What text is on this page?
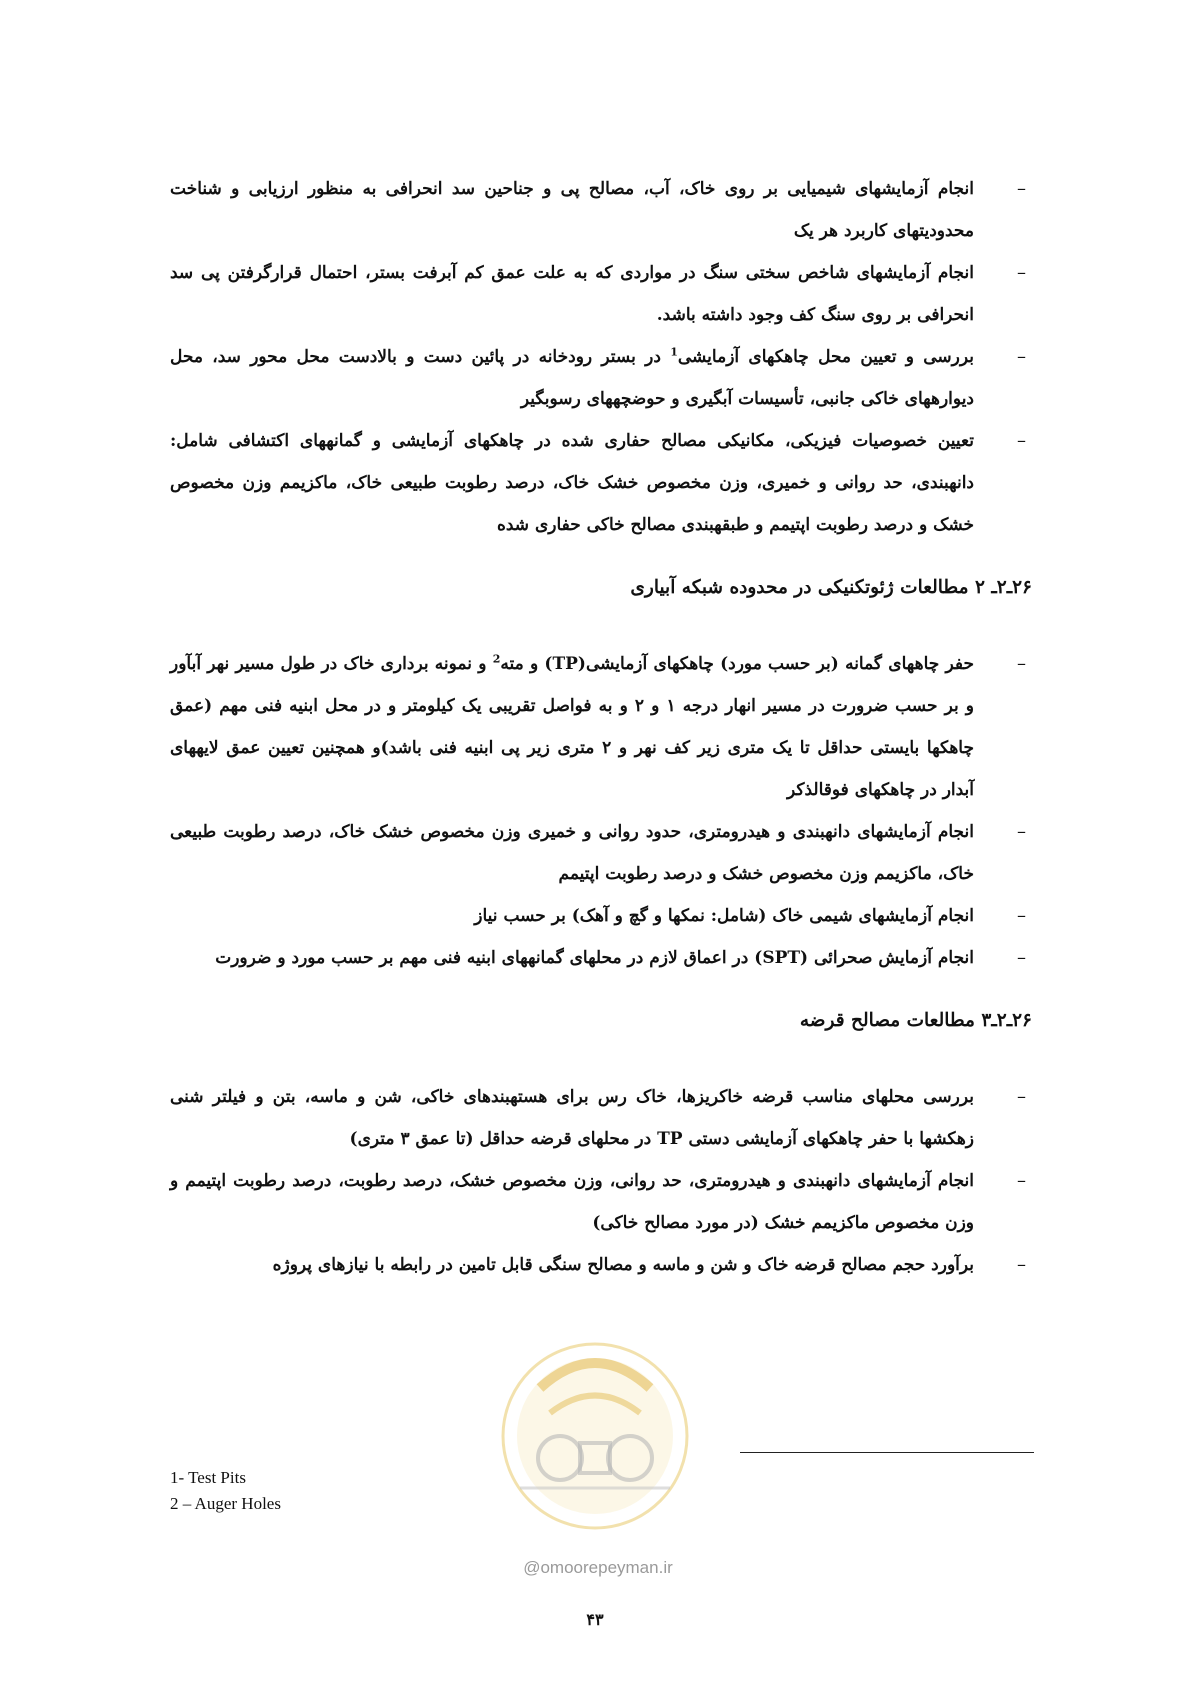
–
انجام آزمایشهای شیمیایی بر روی خاک، آب، مصالح پی و جناحین سد انحرافی به منظور ارزیابی و شناخت محدودیتهای کاربرد هر یک
–
انجام آزمایشهای شاخص سختی سنگ در مواردی که به علت عمق کم آبرفت بستر، احتمال قرارگرفتن پی سد انحرافی بر روی سنگ کف وجود داشته باشد.
–
بررسی و تعیین محل چاهکهای آزمایشی$^1$ در بستر رودخانه در پائین دست و بالادست محل محور سد، محل دیوارههای خاکی جانبی، تأسیسات آبگیری و حوضچههای رسوبگیر
–
تعیین خصوصیات فیزیکی، مکانیکی مصالح حفاری شده در چاهکهای آزمایشی و گمانههای اکتشافی شامل: دانهبندی، حد روانی و خمیری، وزن مخصوص خشک خاک، درصد رطوبت طبیعی خاک، ماکزیمم وزن مخصوص خشک و درصد رطوبت اپتیمم و طبقهبندی مصالح خاکی حفاری شده
۲۶ـ۲ـ ۲ مطالعات ژئوتکنیکی در محدوده شبکه آبیاری
–
حفر چاههای گمانه (بر حسب مورد) چاهکهای آزمایشی(TP) و مته$^2$ و نمونه برداری خاک در طول مسیر نهر آبآور و بر حسب ضرورت در مسیر انهار درجه ۱ و ۲ و به فواصل تقریبی یک کیلومتر و در محل ابنیه فنی مهم (عمق چاهکها بایستی حداقل تا یک متری زیر کف نهر و ۲ متری زیر پی ابنیه فنی باشد)و همچنین تعیین عمق لایههای آبدار در چاهکهای فوقالذکر
–
انجام آزمایشهای دانهبندی و هیدرومتری، حدود روانی و خمیری وزن مخصوص خشک خاک، درصد رطوبت طبیعی خاک، ماکزیمم وزن مخصوص خشک و درصد رطوبت اپتیمم
–
انجام آزمایشهای شیمی خاک (شامل: نمکها و گچ و آهک) بر حسب نیاز
–
انجام آزمایش صحرائی (SPT) در اعماق لازم در محلهای گمانههای ابنیه فنی مهم بر حسب مورد و ضرورت
۲۶ـ۲ـ۳ مطالعات مصالح قرضه
–
بررسی محلهای مناسب قرضه خاکریزها، خاک رس برای هستهبندهای خاکی، شن و ماسه، بتن و فیلتر شنی زهکشها با حفر چاهکهای آزمایشی دستی TP در محلهای قرضه حداقل (تا عمق ۳ متری)
–
انجام آزمایشهای دانهبندی و هیدرومتری، حد روانی، وزن مخصوص خشک، درصد رطوبت، درصد رطوبت اپتیمم و وزن مخصوص ماکزیمم خشک (در مورد مصالح خاکی)
–
برآورد حجم مصالح قرضه خاک و شن و ماسه و مصالح سنگی قابل تامین در رابطه با نیازهای پروژه
@omoorepeyman.ir
1- Test Pits
2 – Auger Holes
۴۳
